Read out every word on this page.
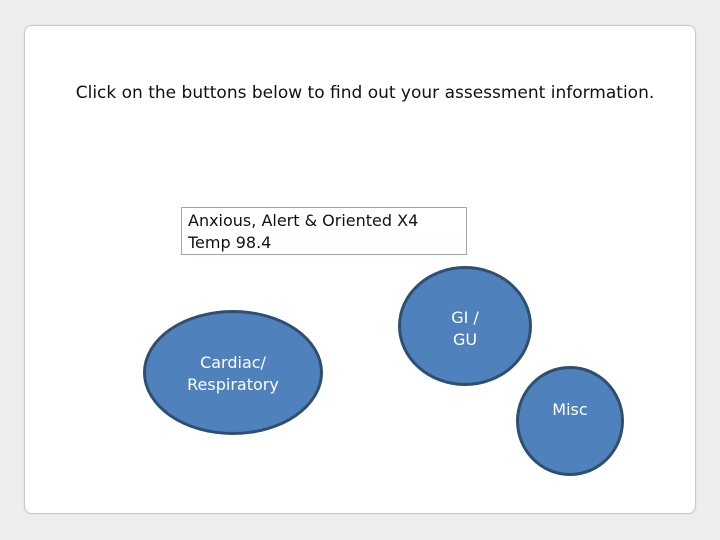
Click on the buttons below to find out your assessment information.
Anxious, Alert & Oriented X4
Temp 98.4
Cardiac/
Respiratory
GI /
GU
Misc
